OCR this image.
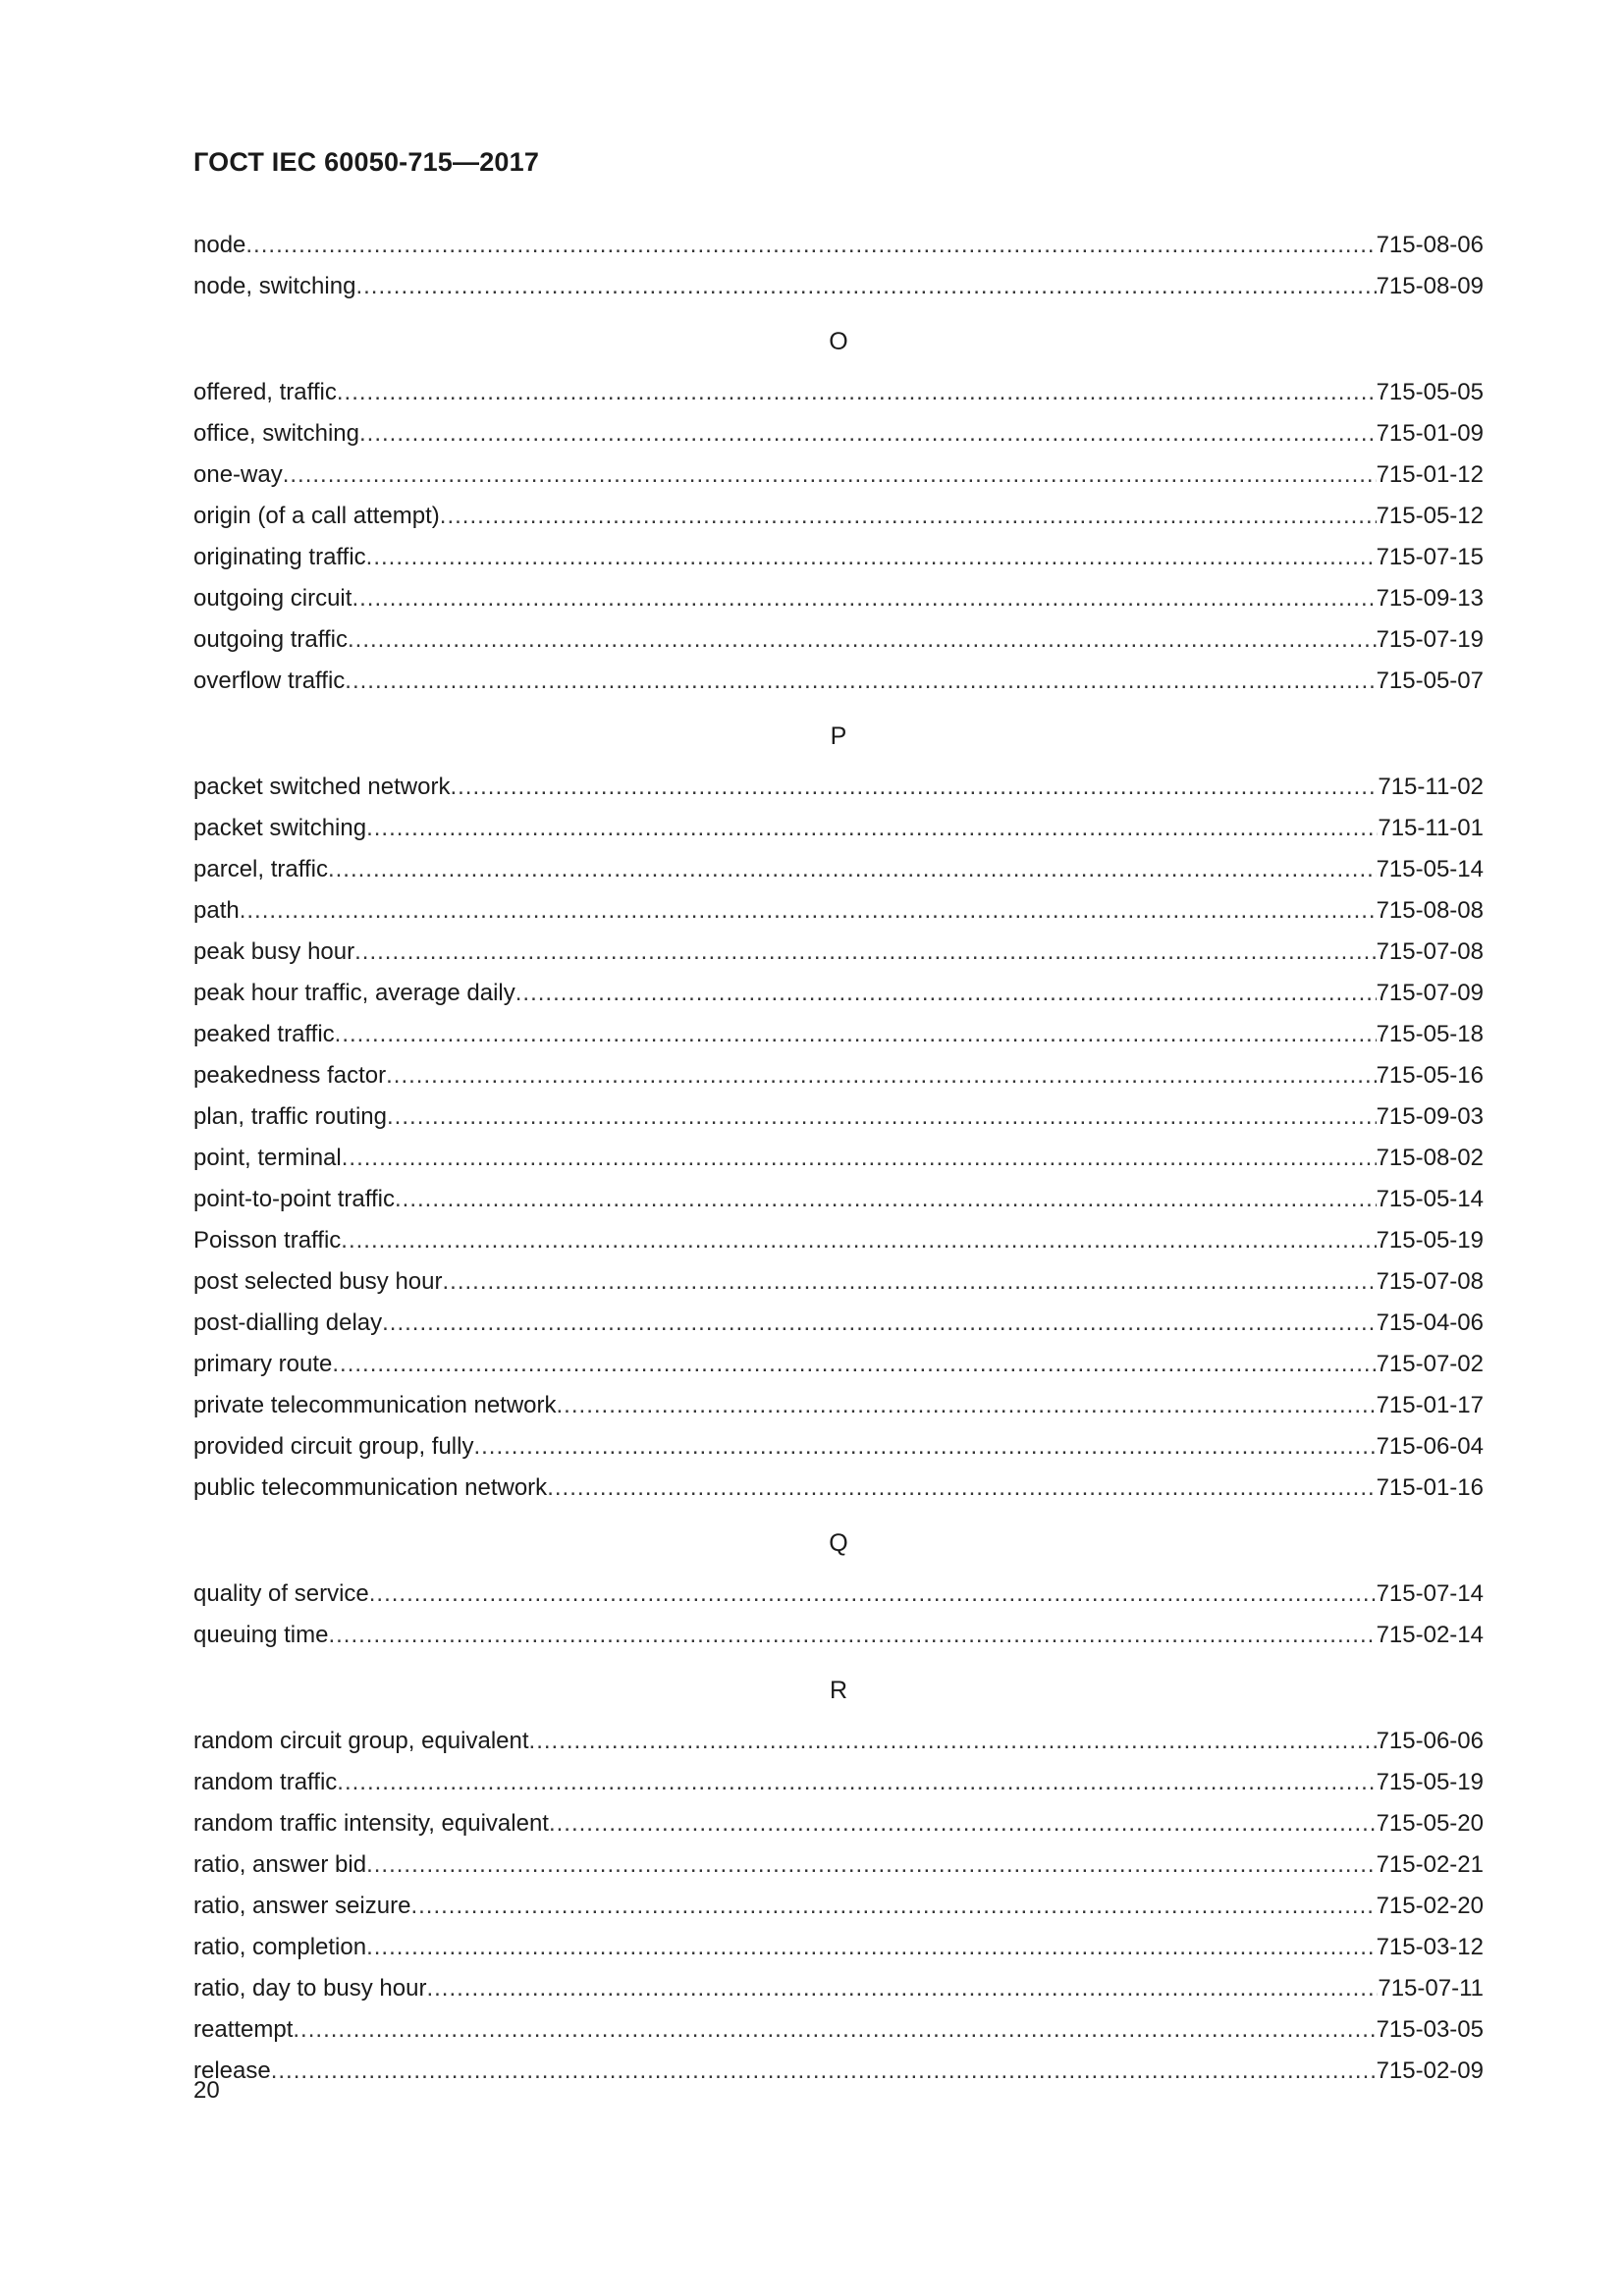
ГОСТ IEC 60050-715—2017
node .....	715-08-06
node, switching .....	715-08-09
O
offered, traffic .....	715-05-05
office, switching .....	715-01-09
one-way .....	715-01-12
origin (of a call attempt) .....	715-05-12
originating traffic .....	715-07-15
outgoing circuit .....	715-09-13
outgoing traffic .....	715-07-19
overflow traffic .....	715-05-07
P
packet switched network .....	715-11-02
packet switching .....	715-11-01
parcel, traffic .....	715-05-14
path .....	715-08-08
peak busy hour .....	715-07-08
peak hour traffic, average daily .....	715-07-09
peaked traffic .....	715-05-18
peakedness factor .....	715-05-16
plan, traffic routing .....	715-09-03
point, terminal .....	715-08-02
point-to-point traffic .....	715-05-14
Poisson traffic .....	715-05-19
post selected busy hour .....	715-07-08
post-dialling delay .....	715-04-06
primary route .....	715-07-02
private telecommunication network .....	715-01-17
provided circuit group, fully .....	715-06-04
public telecommunication network .....	715-01-16
Q
quality of service .....	715-07-14
queuing time .....	715-02-14
R
random circuit group, equivalent .....	715-06-06
random traffic .....	715-05-19
random traffic intensity, equivalent .....	715-05-20
ratio, answer bid .....	715-02-21
ratio, answer seizure .....	715-02-20
ratio, completion .....	715-03-12
ratio, day to busy hour .....	715-07-11
reattempt .....	715-03-05
release .....	715-02-09
20
